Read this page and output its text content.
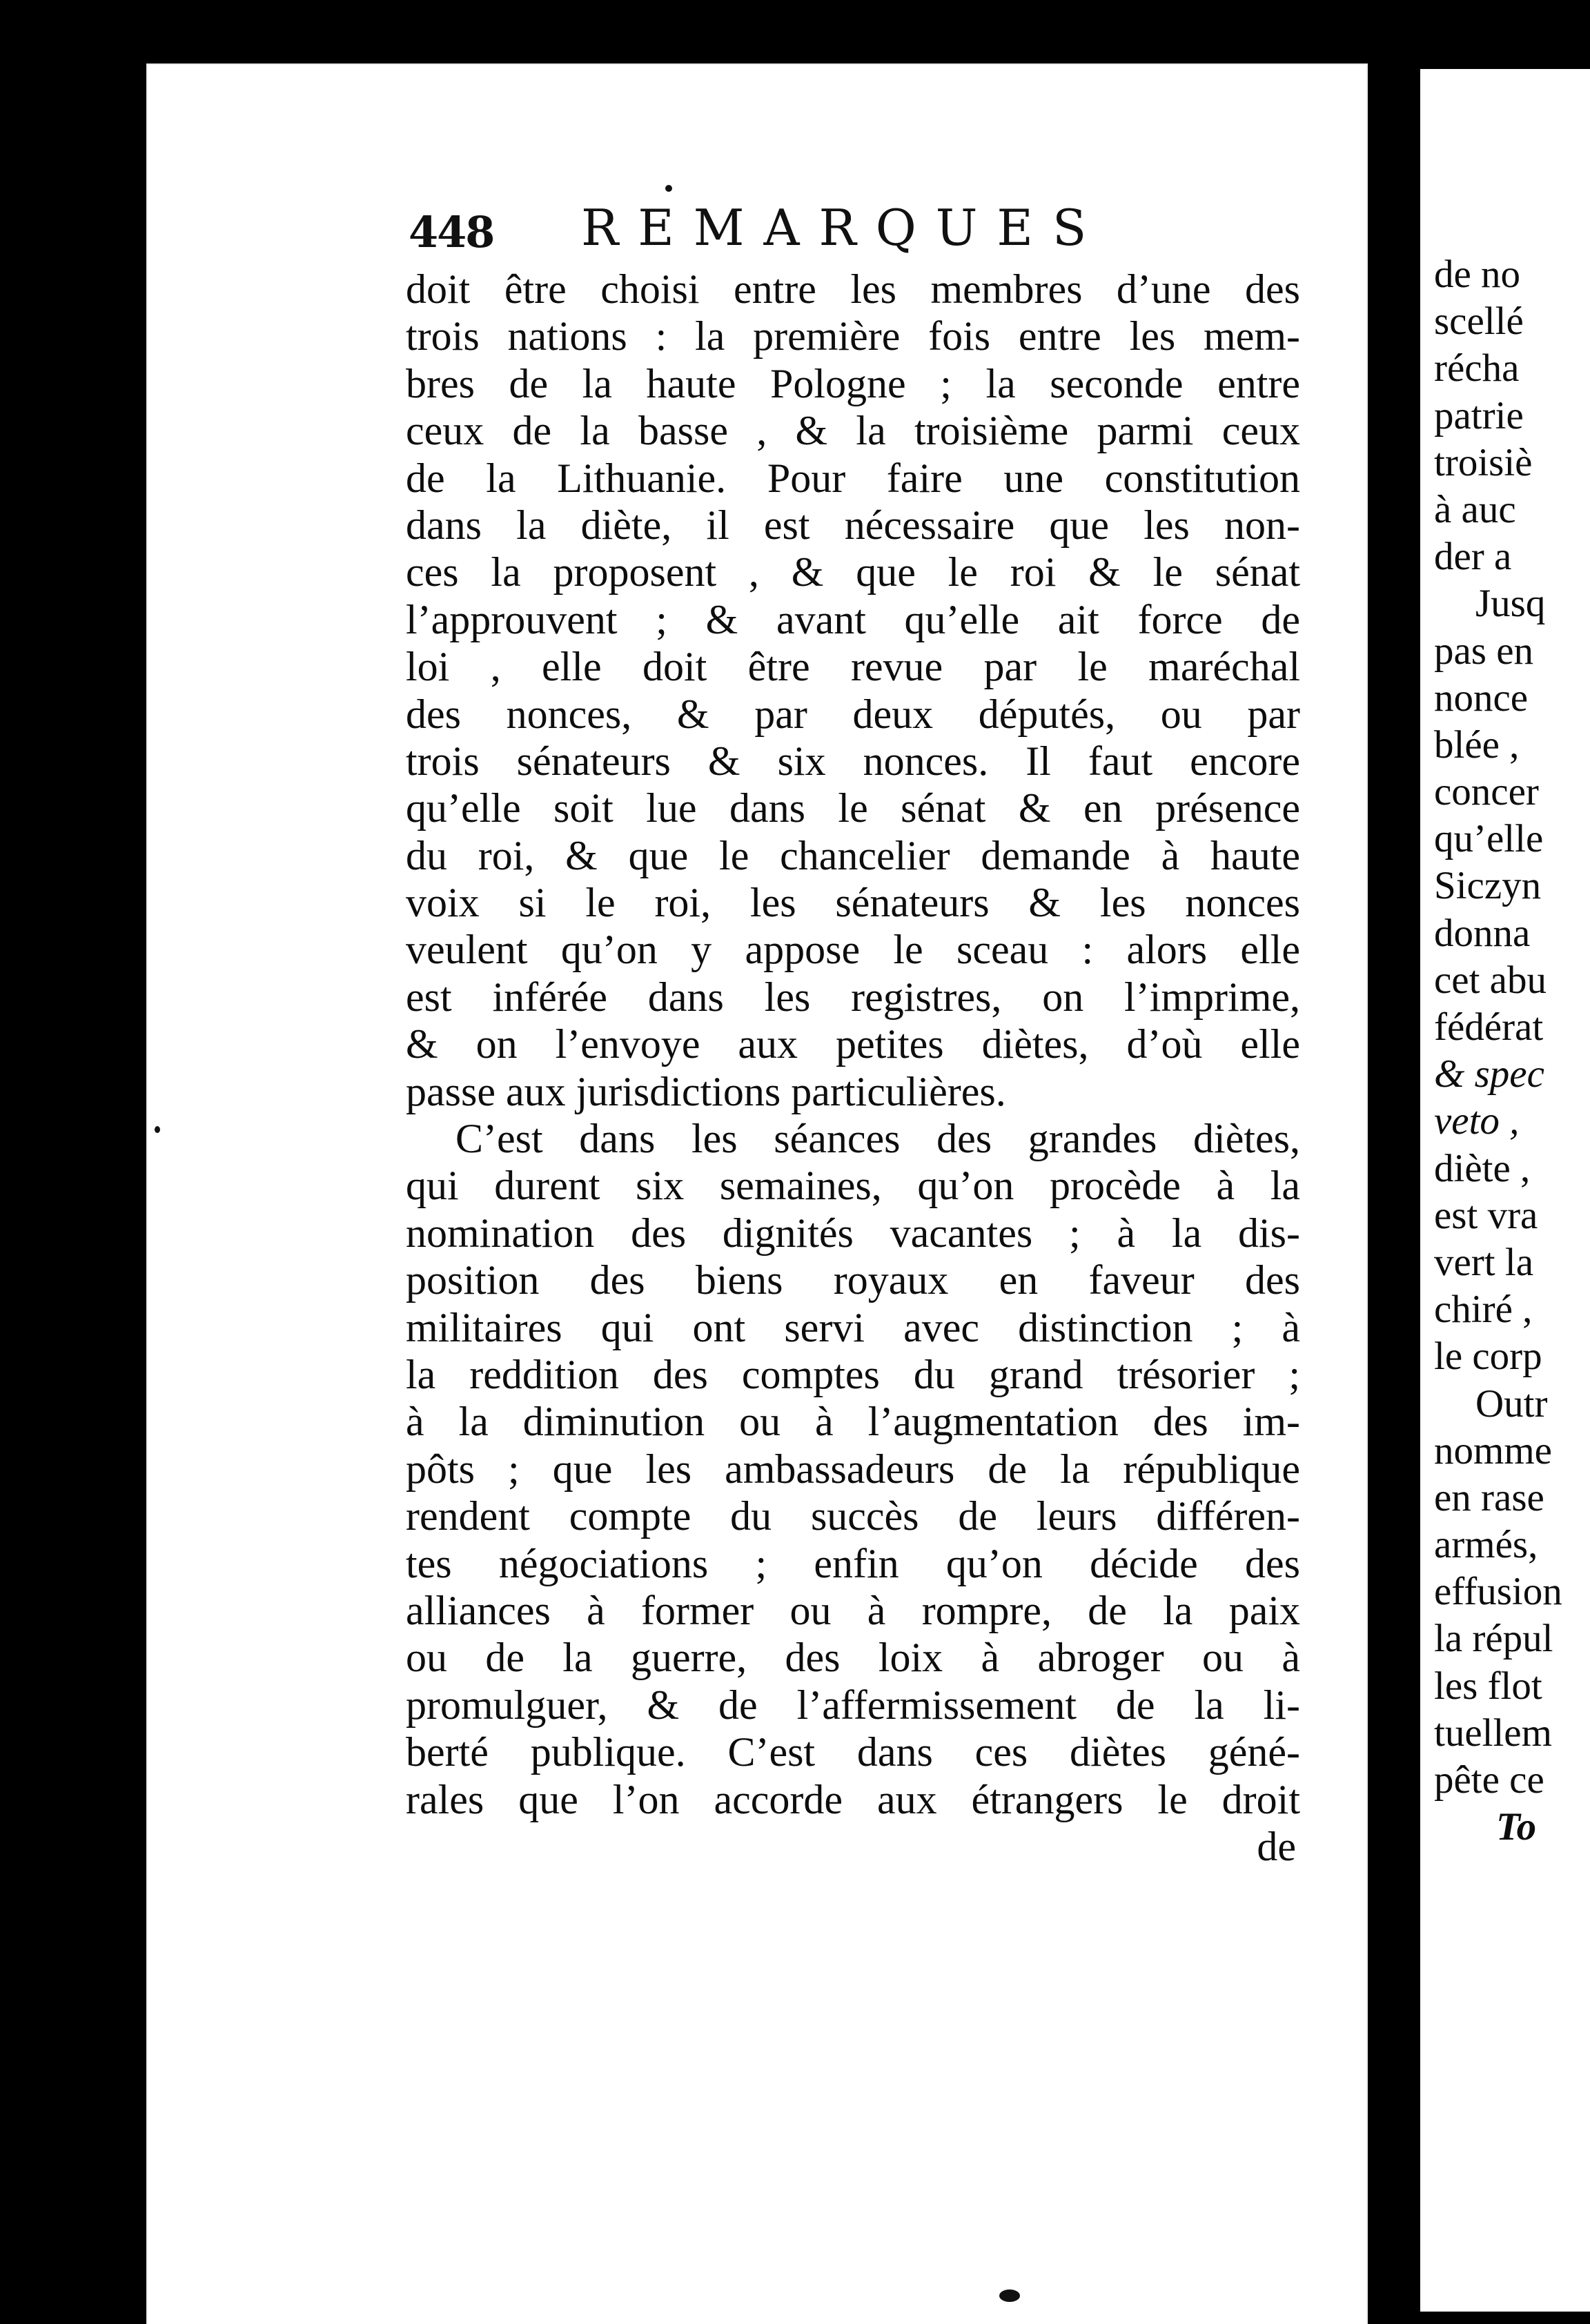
448 REMARQUES
doit être choisi entre les membres d’une des
trois nations : la première fois entre les mem-
bres de la haute Pologne ; la seconde entre
ceux de la basse , & la troisième parmi ceux
de la Lithuanie. Pour faire une constitution
dans la diète, il est nécessaire que les non-
ces la proposent , & que le roi & le sénat
l’approuvent ; & avant qu’elle ait force de
loi , elle doit être revue par le maréchal
des nonces, & par deux députés, ou par
trois sénateurs & six nonces. Il faut encore
qu’elle soit lue dans le sénat & en présence
du roi, & que le chancelier demande à haute
voix si le roi, les sénateurs & les nonces
veulent qu’on y appose le sceau : alors elle
est inférée dans les registres, on l’imprime,
& on l’envoye aux petites diètes, d’où elle
passe aux jurisdictions particulières.
C’est dans les séances des grandes diètes,
qui durent six semaines, qu’on procède à la
nomination des dignités vacantes ; à la dis-
position des biens royaux en faveur des
militaires qui ont servi avec distinction ; à
la reddition des comptes du grand trésorier ;
à la diminution ou à l’augmentation des im-
pôts ; que les ambassadeurs de la république
rendent compte du succès de leurs différen-
tes négociations ; enfin qu’on décide des
alliances à former ou à rompre, de la paix
ou de la guerre, des loix à abroger ou à
promulguer, & de l’affermissement de la li-
berté publique. C’est dans ces diètes géné-
rales que l’on accorde aux étrangers le droit
de
de no
scellé
récha
patrie
troisiè
à auc
der a
Jusq
pas en
nonce
blée ,
concer
qu’elle
Siczyn
donna
cet abu
fédérat
& spec
veto ,
diète ,
est vra
vert la
chiré ,
le corp
Outr
nomme
en rase
armés,
effusion
la répul
les flot
tuellem
pête ce
To
